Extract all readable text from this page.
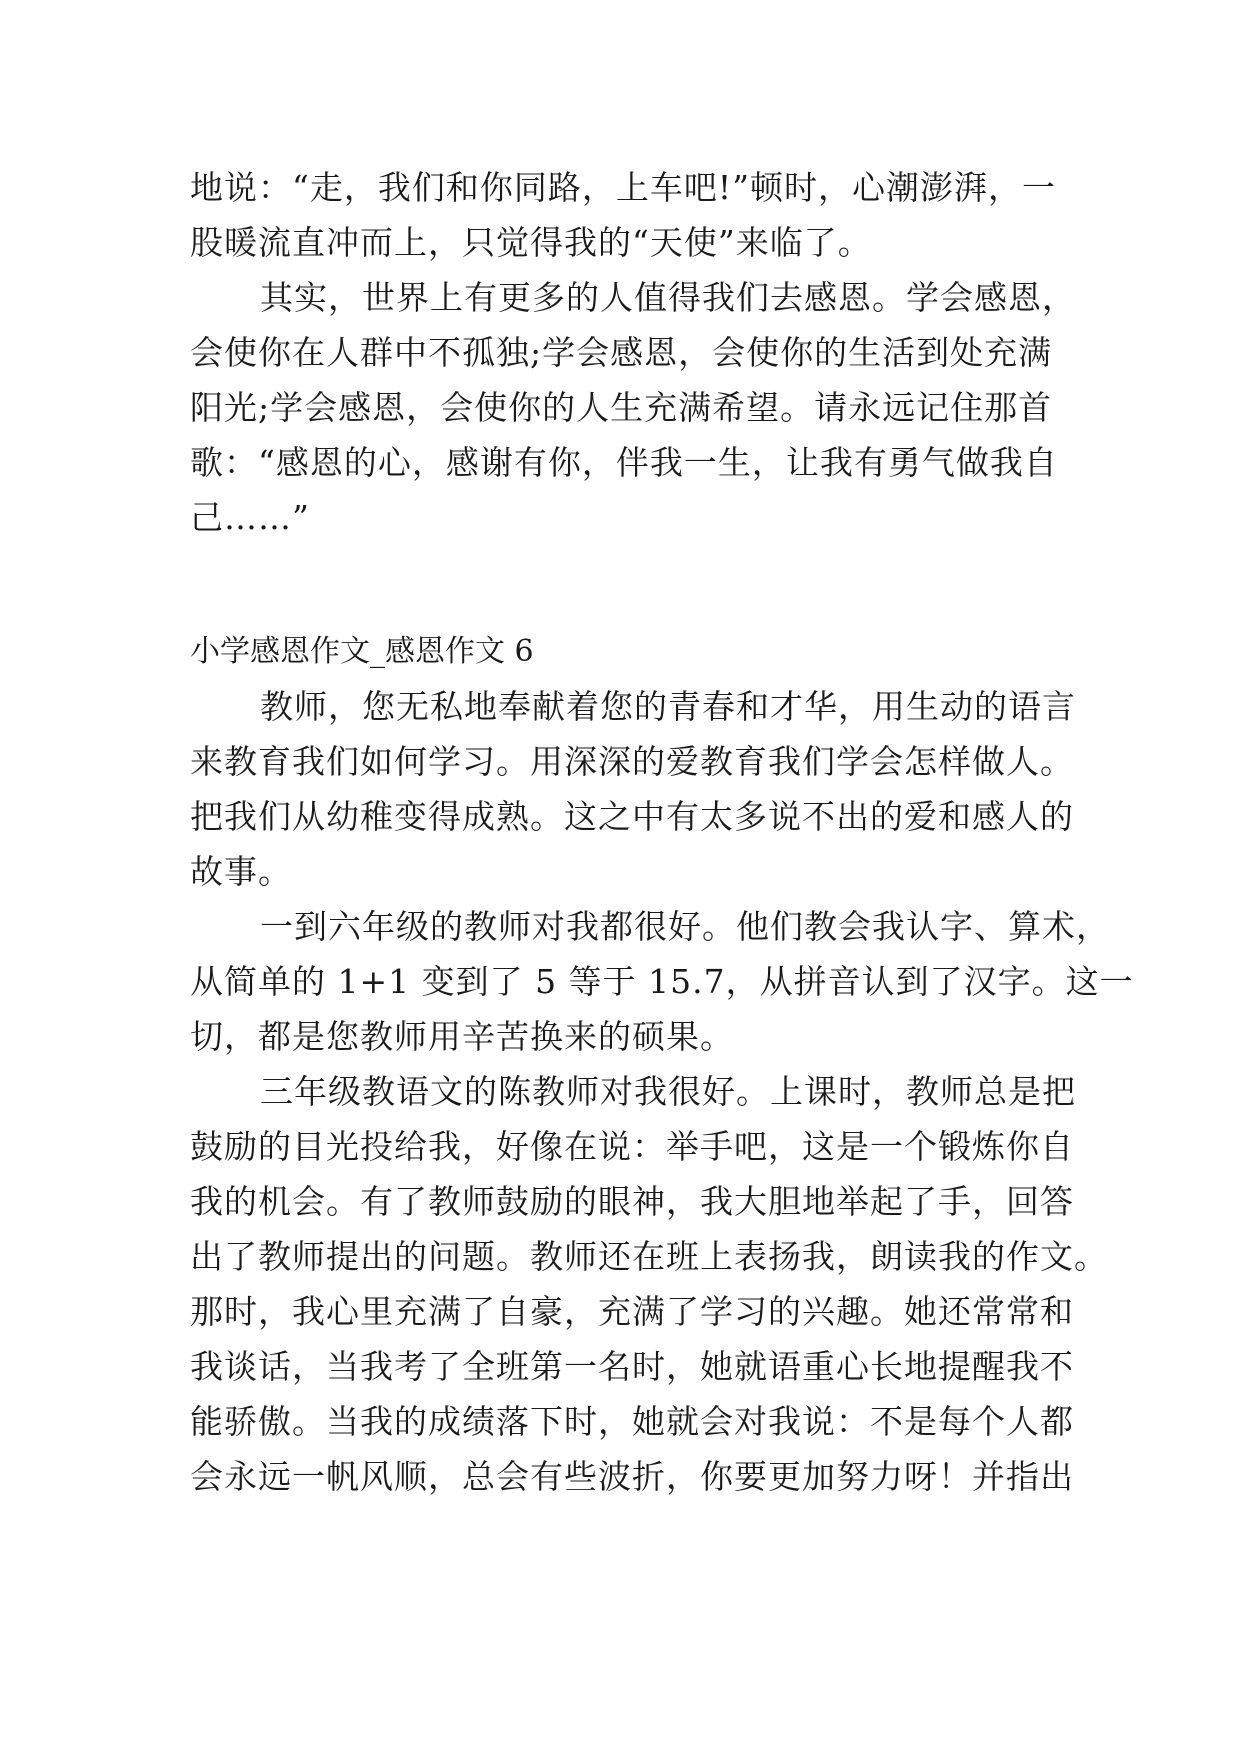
地说：“走，我们和你同路，上车吧!”顿时，心潮澎湃，一
股暖流直冲而上，只觉得我的“天使”来临了。
其实，世界上有更多的人值得我们去感恩。学会感恩，
会使你在人群中不孤独;学会感恩，会使你的生活到处充满
阳光;学会感恩，会使你的人生充满希望。请永远记住那首
歌：“感恩的心，感谢有你，伴我一生，让我有勇气做我自
己……”
小学感恩作文_感恩作文 6
教师，您无私地奉献着您的青春和才华，用生动的语言
来教育我们如何学习。用深深的爱教育我们学会怎样做人。
把我们从幼稚变得成熟。这之中有太多说不出的爱和感人的
故事。
一到六年级的教师对我都很好。他们教会我认字、算术，
从简单的 1+1 变到了 5 等于 15.7，从拼音认到了汉字。这一
切，都是您教师用辛苦换来的硕果。
三年级教语文的陈教师对我很好。上课时，教师总是把
鼓励的目光投给我，好像在说：举手吧，这是一个锻炼你自
我的机会。有了教师鼓励的眼神，我大胆地举起了手，回答
出了教师提出的问题。教师还在班上表扬我，朗读我的作文。
那时，我心里充满了自豪，充满了学习的兴趣。她还常常和
我谈话，当我考了全班第一名时，她就语重心长地提醒我不
能骄傲。当我的成绩落下时，她就会对我说：不是每个人都
会永远一帆风顺，总会有些波折，你要更加努力呀！并指出
